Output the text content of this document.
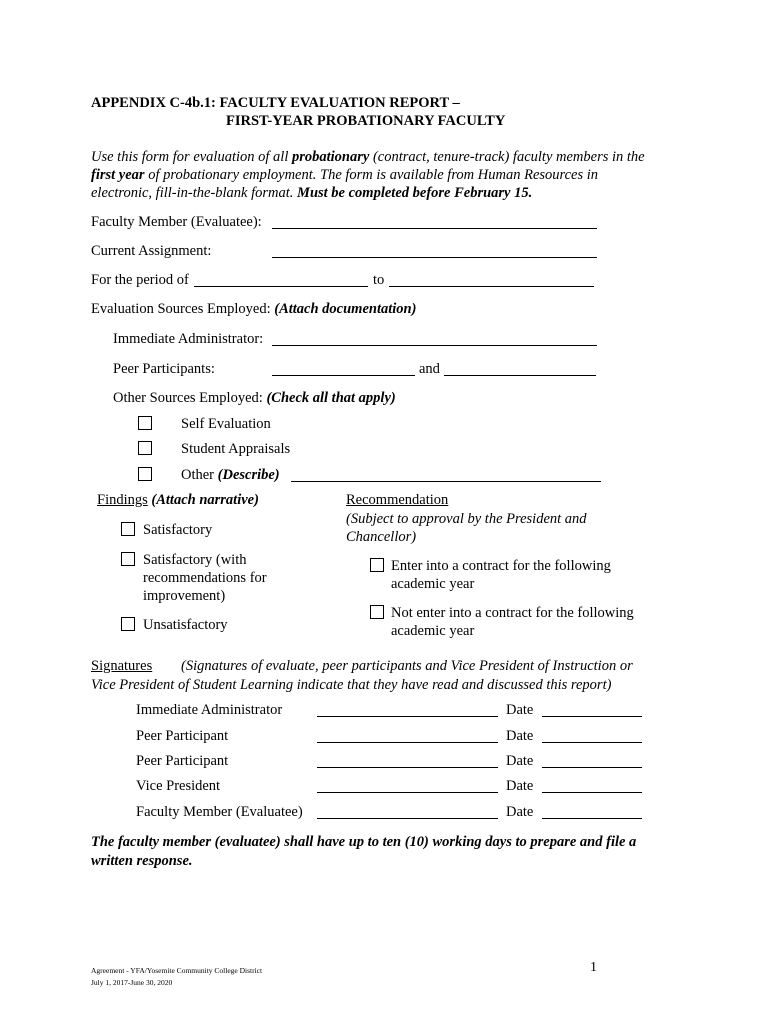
APPENDIX C-4b.1: FACULTY EVALUATION REPORT –
FIRST-YEAR PROBATIONARY FACULTY
Use this form for evaluation of all probationary (contract, tenure-track) faculty members in the
first year of probationary employment. The form is available from Human Resources in
electronic, fill-in-the-blank format. Must be completed before February 15.
Faculty Member (Evaluatee):
Current Assignment:
For the period of	to
Evaluation Sources Employed: (Attach documentation)
Immediate Administrator:
Peer Participants:	and
Other Sources Employed: (Check all that apply)
Self Evaluation
Student Appraisals
Other (Describe)
Findings (Attach narrative)
Satisfactory
Satisfactory (with
recommendations for
improvement)
Unsatisfactory
Recommendation
(Subject to approval by the President and
Chancellor)
Enter into a contract for the following
academic year
Not enter into a contract for the following
academic year
Signatures (Signatures of evaluate, peer participants and Vice President of Instruction or
Vice President of Student Learning indicate that they have read and discussed this report)
Immediate Administrator	Date
Peer Participant	Date
Peer Participant	Date
Vice President	Date
Faculty Member (Evaluatee)	Date
The faculty member (evaluatee) shall have up to ten (10) working days to prepare and file a
written response.
Agreement - YFA/Yosemite Community College District
July 1, 2017-June 30, 2020
1
